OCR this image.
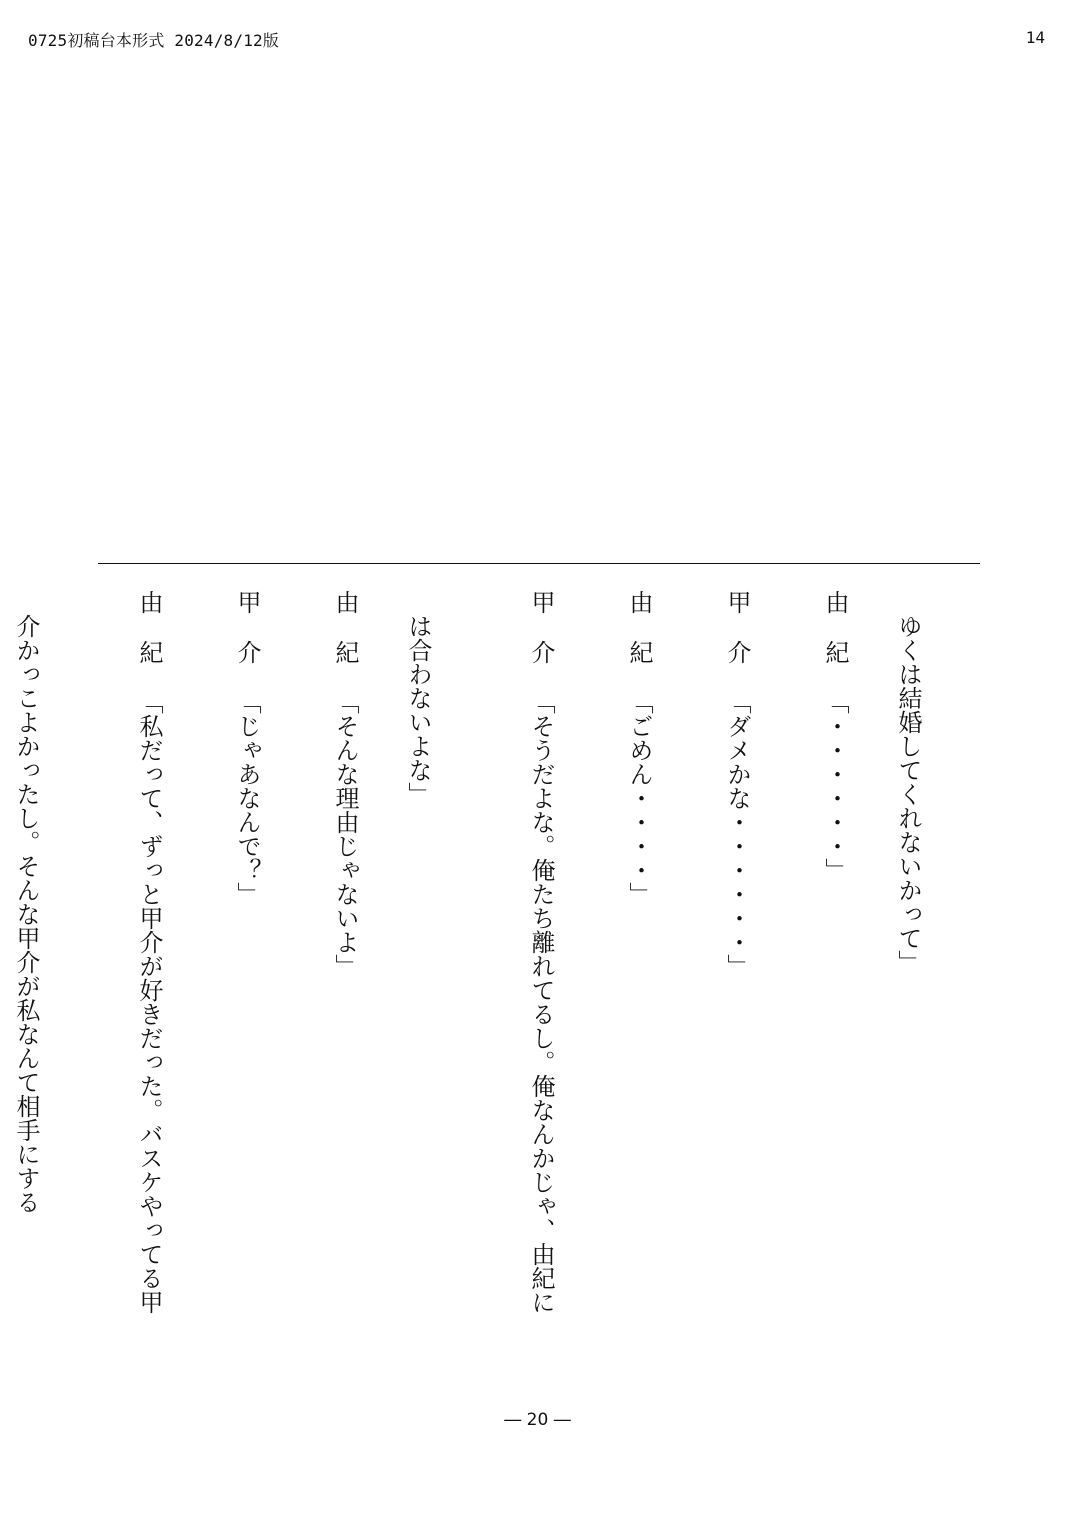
0725初稿台本形式 2024/8/12版	14
　ゆくは結婚してくれないかって」
由紀「・・・・・・」
甲介「ダメかな・・・・・・」
由紀「ごめん・・・・」
甲介「そうだよな。俺たち離れてるし。俺なんかじゃ、由紀に
　は合わないよな」
由紀「そんな理由じゃないよ」
甲介「じゃあなんで？」
由紀「私だって、ずっと甲介が好きだった。バスケやってる甲
　介かっこよかったし。そんな甲介が私なんて相手にする
― 20 ―
